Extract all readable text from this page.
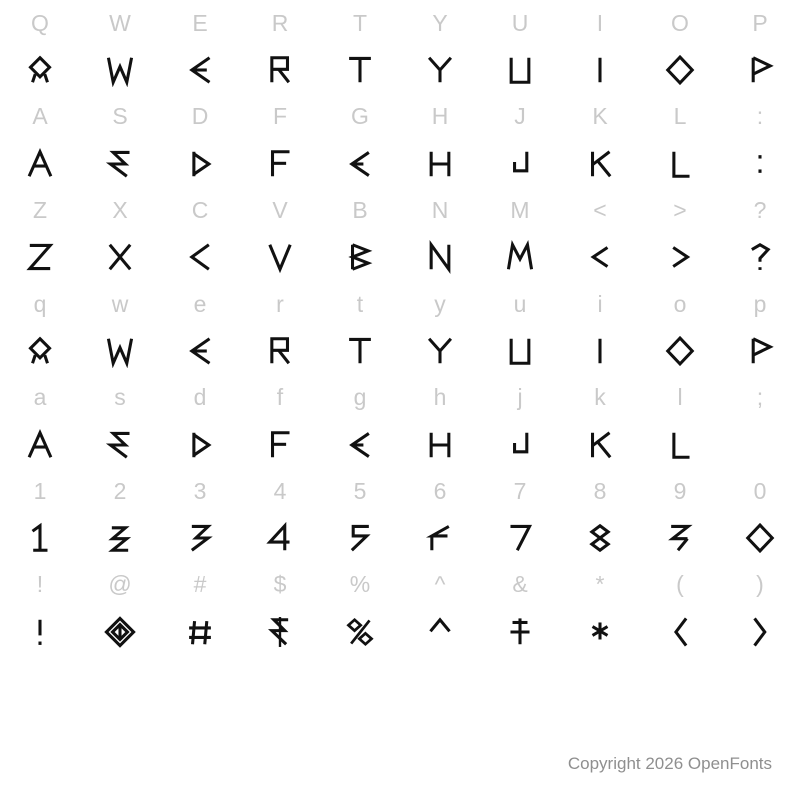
Q	W	E	R	T	Y	U	I	O	P
A	S	D	F	G	H	J	K	L	:
Z	X	C	V	B	N	M	<	>	?
q	w	e	r	t	y	u	i	o	p
a	s	d	f	g	h	j	k	l	;
1	2	3	4	5	6	7	8	9	0
!	@	#	$	%	^	&	*	(	)
Copyright 2026 OpenFonts
